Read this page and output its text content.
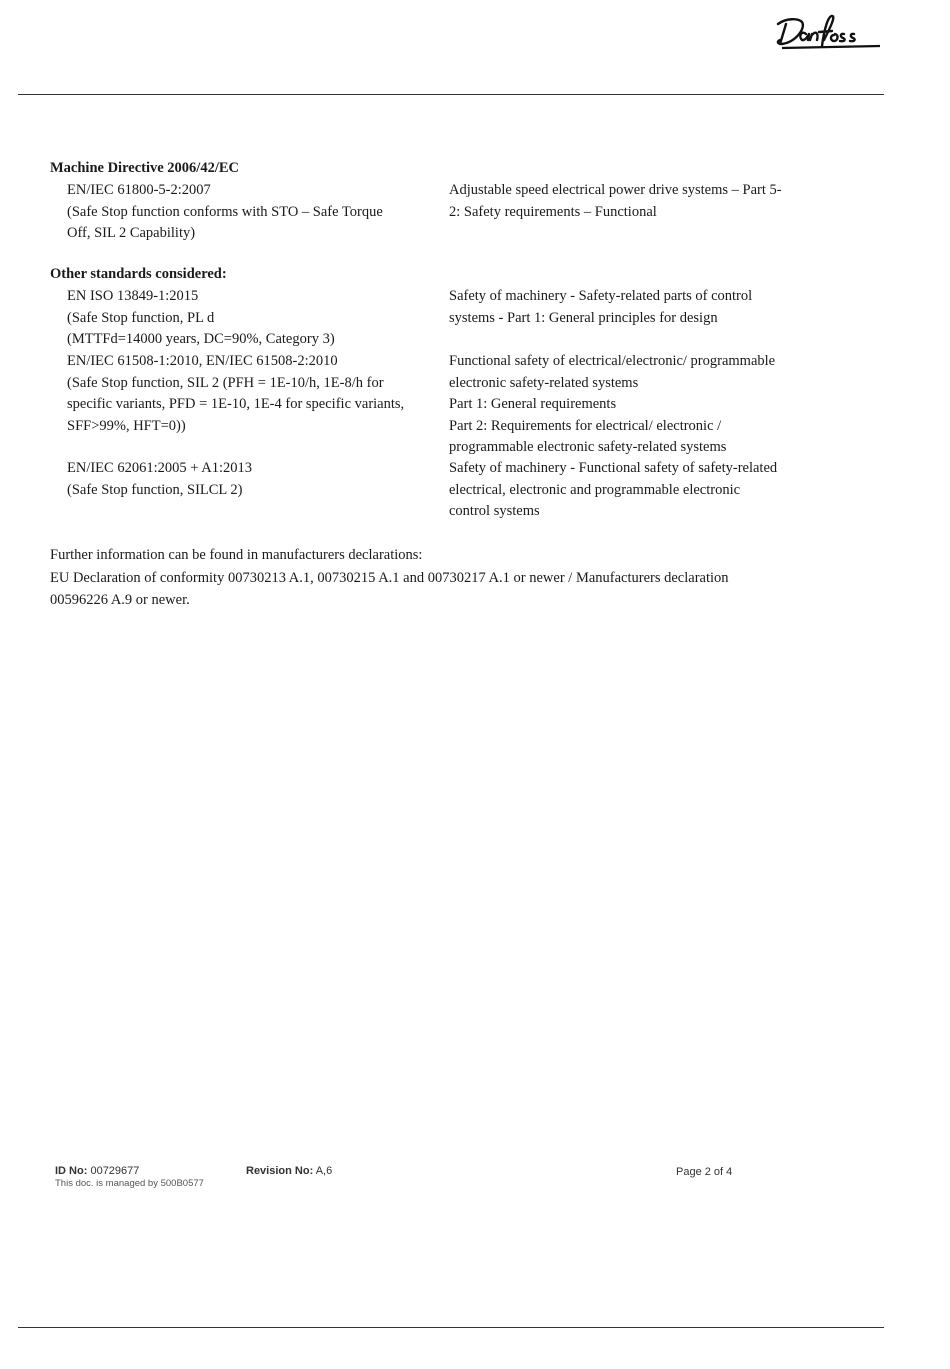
Danfoss
Machine Directive 2006/42/EC
EN/IEC 61800-5-2:2007
(Safe Stop function conforms with STO – Safe Torque
Off, SIL 2 Capability)
Adjustable speed electrical power drive systems – Part 5-
2: Safety requirements – Functional
Other standards considered:
EN ISO 13849-1:2015
(Safe Stop function, PL d
(MTTFd=14000 years, DC=90%, Category 3)
Safety of machinery - Safety-related parts of control
systems - Part 1: General principles for design
EN/IEC 61508-1:2010, EN/IEC 61508-2:2010
(Safe Stop function, SIL 2 (PFH = 1E-10/h, 1E-8/h for
specific variants, PFD = 1E-10, 1E-4 for specific variants,
SFF>99%, HFT=0))
Functional safety of electrical/electronic/ programmable
electronic safety-related systems
Part 1: General requirements
Part 2: Requirements for electrical/ electronic /
programmable electronic safety-related systems
EN/IEC 62061:2005 + A1:2013
(Safe Stop function, SILCL 2)
Safety of machinery - Functional safety of safety-related
electrical, electronic and programmable electronic
control systems
Further information can be found in manufacturers declarations:
EU Declaration of conformity 00730213 A.1, 00730215 A.1 and 00730217 A.1 or newer / Manufacturers declaration
00596226 A.9 or newer.
ID No: 00729677
This doc. is managed by 500B0577
Revision No: A,6	Page 2 of 4
